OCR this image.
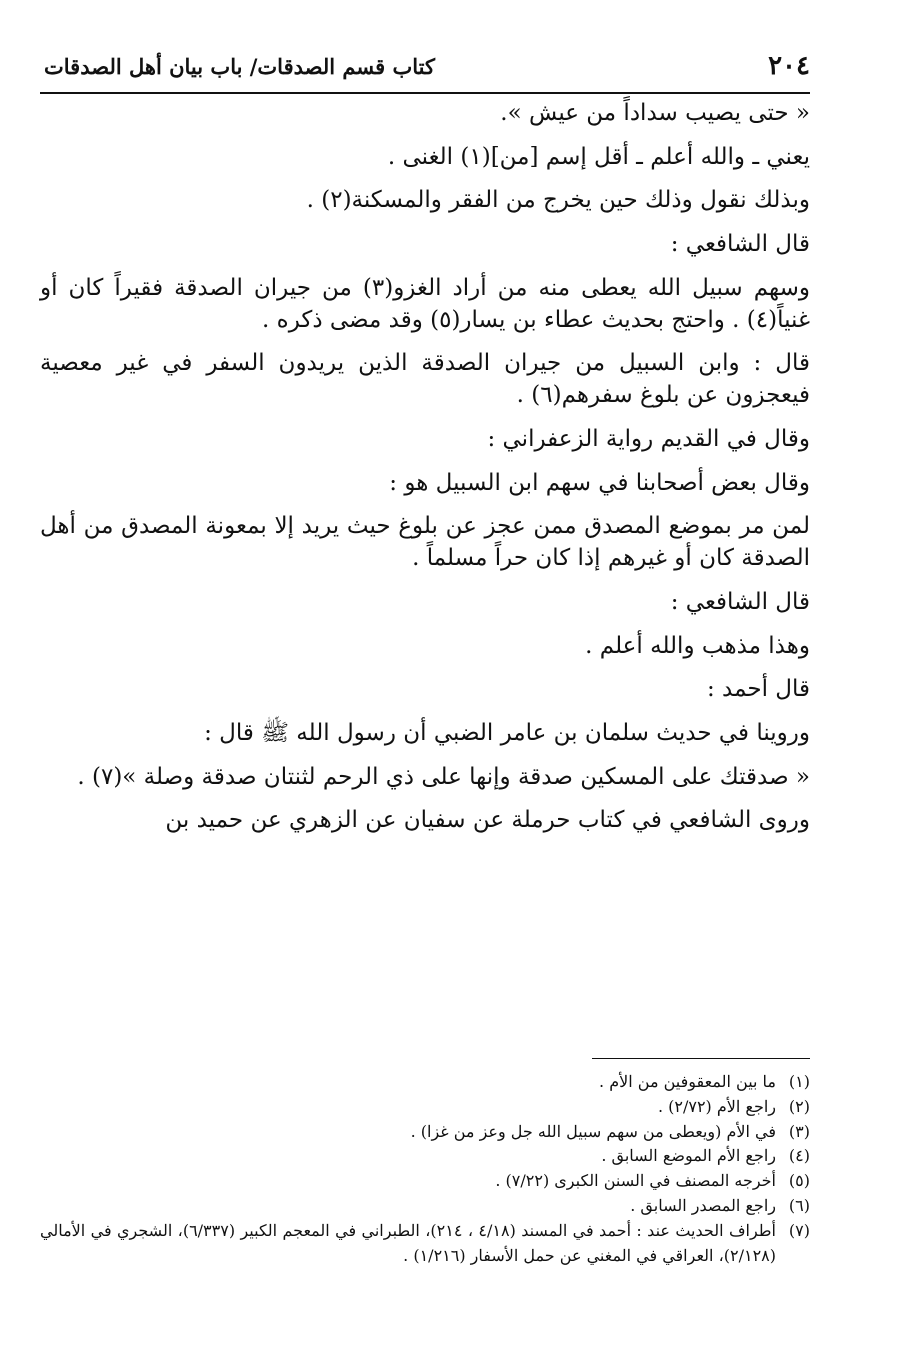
٢٠٤
كتاب قسم الصدقات/ باب بيان أهل الصدقات

« حتى يصيب سداداً من عيش ».

يعني ـ والله أعلم ـ أقل إسم [من](١) الغنى .

وبذلك نقول وذلك حين يخرج من الفقر والمسكنة(٢) .

قال الشافعي :

وسهم سبيل الله يعطى منه من أراد الغزو(٣) من جيران الصدقة فقيراً كان أو غنياً(٤) . واحتج بحديث عطاء بن يسار(٥) وقد مضى ذكره .

قال : وابن السبيل من جيران الصدقة الذين يريدون السفر في غير معصية فيعجزون عن بلوغ سفرهم(٦) .

وقال في القديم رواية الزعفراني :

وقال بعض أصحابنا في سهم ابن السبيل هو :

لمن مر بموضع المصدق ممن عجز عن بلوغ حيث يريد إلا بمعونة المصدق من أهل الصدقة كان أو غيرهم إذا كان حراً مسلماً .

قال الشافعي :

وهذا مذهب والله أعلم .

قال أحمد :

وروينا في حديث سلمان بن عامر الضبي أن رسول الله ﷺ قال :

« صدقتك على المسكين صدقة وإنها على ذي الرحم لثنتان صدقة وصلة »(٧) .

وروى الشافعي في كتاب حرملة عن سفيان عن الزهري عن حميد بن

(١)
ما بين المعقوفين من الأم .
(٢)
راجع الأم (٢/٧٢) .
(٣)
في الأم (ويعطى من سهم سبيل الله جل وعز من غزا) .
(٤)
راجع الأم الموضع السابق .
(٥)
أخرجه المصنف في السنن الكبرى (٧/٢٢) .
(٦)
راجع المصدر السابق .
(٧)
أطراف الحديث عند : أحمد في المسند (٤/١٨ ، ٢١٤)، الطبراني في المعجم الكبير (٦/٣٣٧)، الشجري في الأمالي (٢/١٢٨)، العراقي في المغني عن حمل الأسفار (١/٢١٦) .
